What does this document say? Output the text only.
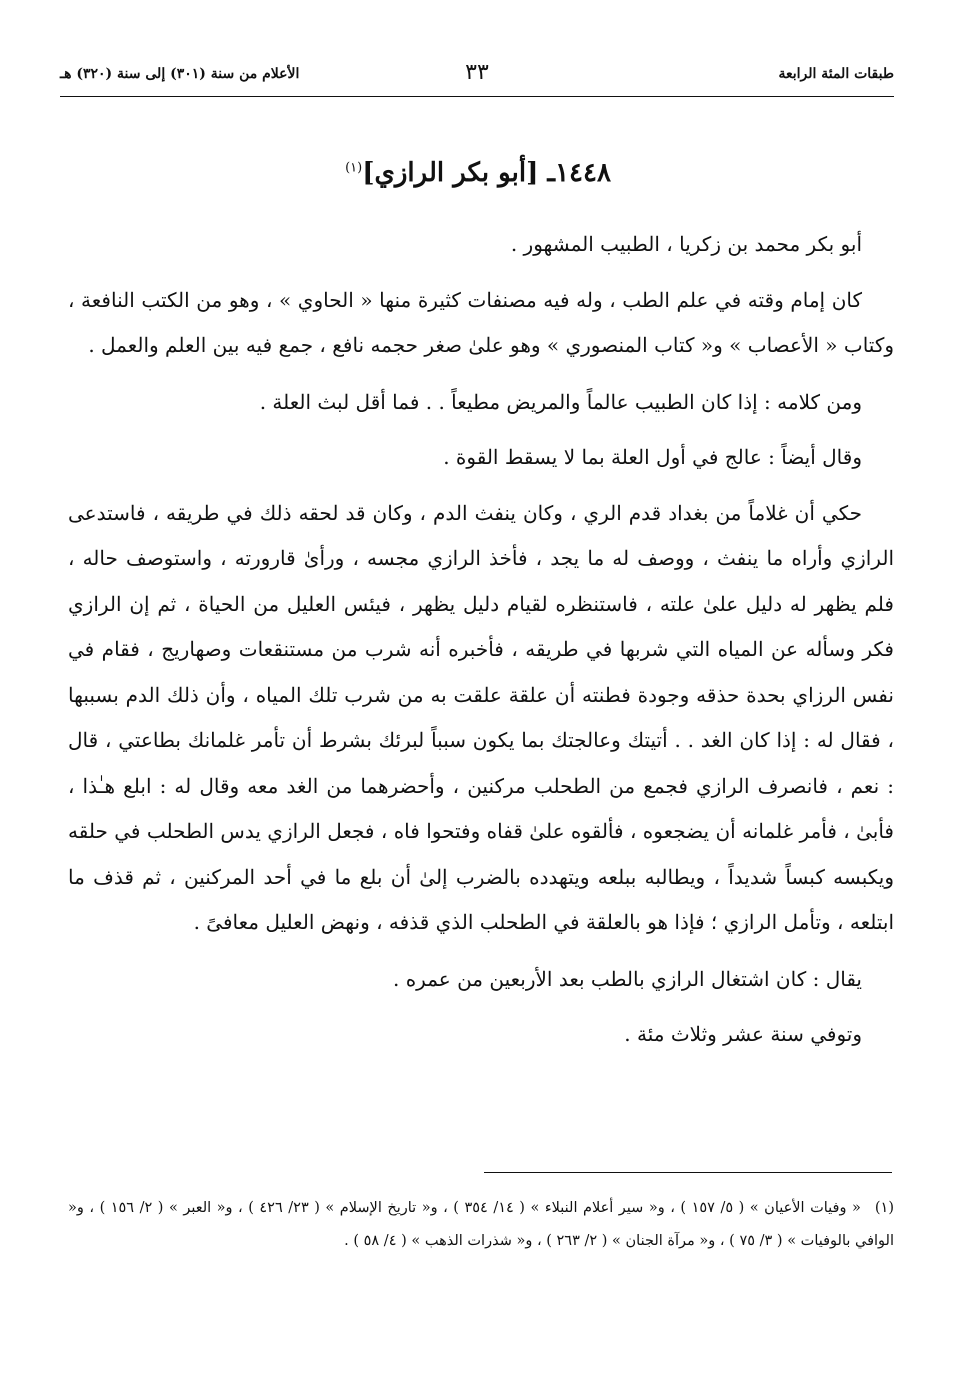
الأعلام من سنة (٣٠١) إلى سنة (٣٢٠) هـ	٣٣	طبقات المئة الرابعة
١٤٤٨ـ [أبو بكر الرازي]$^{(١)}$

أبو بكر محمد بن زكريا ، الطبيب المشهور .

كان إمام وقته في علم الطب ، وله فيه مصنفات كثيرة منها « الحاوي » ، وهو من الكتب النافعة ، وكتاب « الأعصاب » و« كتاب المنصوري » وهو علىٰ صغر حجمه نافع ، جمع فيه بين العلم والعمل .

ومن كلامه : إذا كان الطبيب عالماً والمريض مطيعاً . . فما أقل لبث العلة .

وقال أيضاً : عالج في أول العلة بما لا يسقط القوة .

حكي أن غلاماً من بغداد قدم الري ، وكان ينفث الدم ، وكان قد لحقه ذلك في طريقه ، فاستدعى الرازي وأراه ما ينفث ، ووصف له ما يجد ، فأخذ الرازي مجسه ، ورأىٰ قارورته ، واستوصف حاله ، فلم يظهر له دليل علىٰ علته ، فاستنظره لقيام دليل يظهر ، فيئس العليل من الحياة ، ثم إن الرازي فكر وسأله عن المياه التي شربها في طريقه ، فأخبره أنه شرب من مستنقعات وصهاريج ، فقام في نفس الرزاي بحدة حذقه وجودة فطنته أن علقة علقت به من شرب تلك المياه ، وأن ذلك الدم بسببها ، فقال له : إذا كان الغد . . أتيتك وعالجتك بما يكون سبباً لبرئك بشرط أن تأمر غلمانك بطاعتي ، قال : نعم ، فانصرف الرازي فجمع من الطحلب مركنين ، وأحضرهما من الغد معه وقال له : ابلع هـٰذا ، فأبىٰ ، فأمر غلمانه أن يضجعوه ، فألقوه علىٰ قفاه وفتحوا فاه ، فجعل الرازي يدس الطحلب في حلقه ويكبسه كبساً شديداً ، ويطالبه ببلعه ويتهدده بالضرب إلىٰ أن بلع ما في أحد المركنين ، ثم قذف ما ابتلعه ، وتأمل الرازي ؛ فإذا هو بالعلقة في الطحلب الذي قذفه ، ونهض العليل معافىً .

يقال : كان اشتغال الرازي بالطب بعد الأربعين من عمره .

وتوفي سنة عشر وثلاث مئة .

(١)« وفيات الأعيان » ( ٥/ ١٥٧ ) ، و« سير أعلام النبلاء » ( ١٤/ ٣٥٤ ) ، و« تاريخ الإسلام » ( ٢٣/ ٤٢٦ ) ، و« العبر » ( ٢/ ١٥٦ ) ، و« الوافي بالوفيات » ( ٣/ ٧٥ ) ، و« مرآة الجنان » ( ٢/ ٢٦٣ ) ، و« شذرات الذهب » ( ٤/ ٥٨ ) .
